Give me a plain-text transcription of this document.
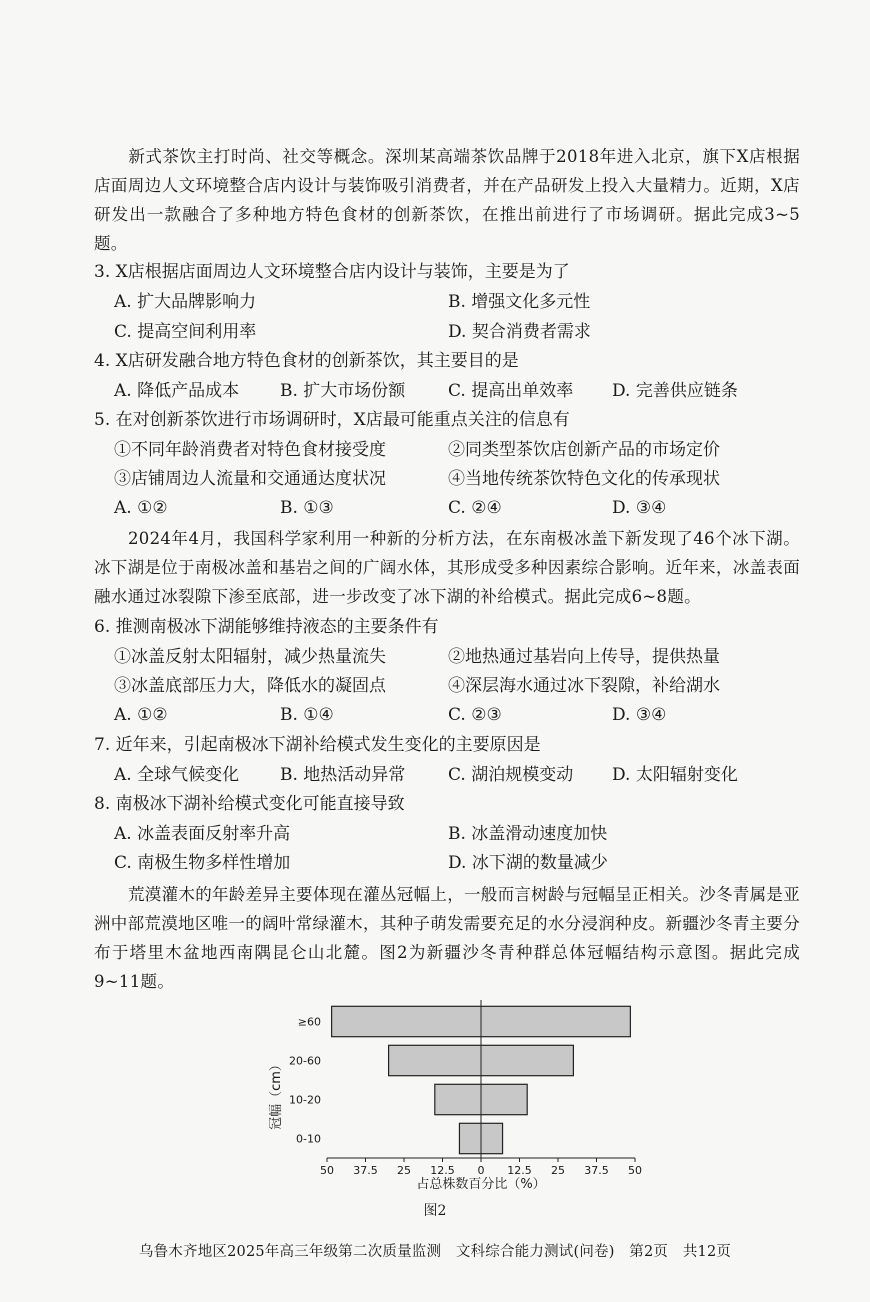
新式茶饮主打时尚、社交等概念。深圳某高端茶饮品牌于2018年进入北京，旗下X店根据店面周边人文环境整合店内设计与装饰吸引消费者，并在产品研发上投入大量精力。近期，X店研发出一款融合了多种地方特色食材的创新茶饮，在推出前进行了市场调研。据此完成3~5题。
3. X店根据店面周边人文环境整合店内设计与装饰，主要是为了
A. 扩大品牌影响力	B. 增强文化多元性
C. 提高空间利用率	D. 契合消费者需求
4. X店研发融合地方特色食材的创新茶饮，其主要目的是
A. 降低产品成本 B. 扩大市场份额	C. 提高出单效率 D. 完善供应链条
5. 在对创新茶饮进行市场调研时，X店最可能重点关注的信息有
①不同年龄消费者对特色食材接受度	②同类型茶饮店创新产品的市场定价
③店铺周边人流量和交通通达度状况	④当地传统茶饮特色文化的传承现状
A. ①②	B. ①③	C. ②④	D. ③④
2024年4月，我国科学家利用一种新的分析方法，在东南极冰盖下新发现了46个冰下湖。冰下湖是位于南极冰盖和基岩之间的广阔水体，其形成受多种因素综合影响。近年来，冰盖表面融水通过冰裂隙下渗至底部，进一步改变了冰下湖的补给模式。据此完成6~8题。
6. 推测南极冰下湖能够维持液态的主要条件有
①冰盖反射太阳辐射，减少热量流失	②地热通过基岩向上传导，提供热量
③冰盖底部压力大，降低水的凝固点	④深层海水通过冰下裂隙，补给湖水
A. ①②	B. ①④	C. ②③	D. ③④
7. 近年来，引起南极冰下湖补给模式发生变化的主要原因是
A. 全球气候变化 B. 地热活动异常	C. 湖泊规模变动 D. 太阳辐射变化
8. 南极冰下湖补给模式变化可能直接导致
A. 冰盖表面反射率升高	B. 冰盖滑动速度加快
C. 南极生物多样性增加	D. 冰下湖的数量减少
荒漠灌木的年龄差异主要体现在灌丛冠幅上，一般而言树龄与冠幅呈正相关。沙冬青属是亚洲中部荒漠地区唯一的阔叶常绿灌木，其种子萌发需要充足的水分浸润种皮。新疆沙冬青主要分布于塔里木盆地西南隅昆仑山北麓。图2为新疆沙冬青种群总体冠幅结构示意图。据此完成9~11题。
≥60
20-60
10-20
0-10
50 37.5 25 12.5 0 12.5 25 37.5 50
冠幅（cm）
占总株数百分比（%）
图2
乌鲁木齐地区2025年高三年级第二次质量监测　文科综合能力测试(问卷)　第2页　共12页
